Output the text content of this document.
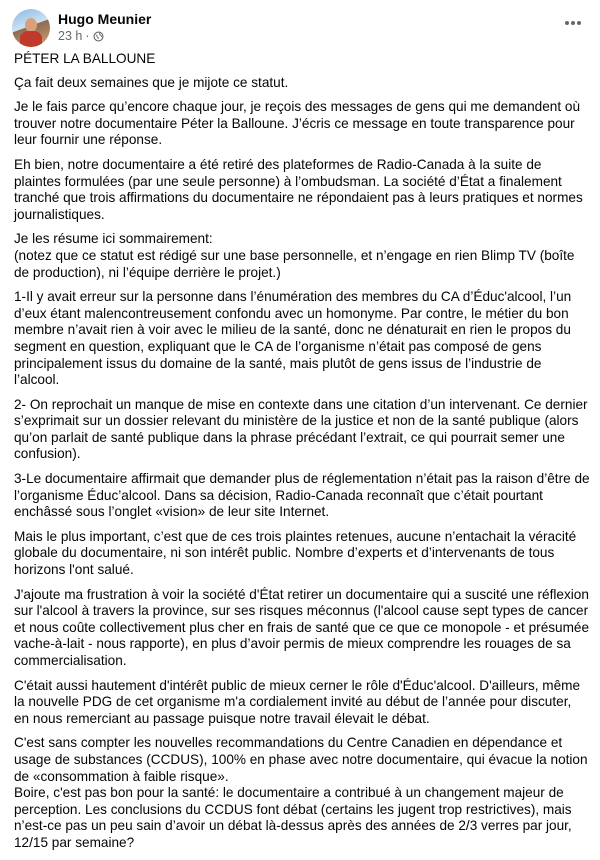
Hugo Meunier
23 h ·

PÉTER LA BALLOUNE

Ça fait deux semaines que je mijote ce statut.

Je le fais parce qu’encore chaque jour, je reçois des messages de gens qui me demandent où trouver notre documentaire Péter la Balloune. J’écris ce message en toute transparence pour leur fournir une réponse.

Eh bien, notre documentaire a été retiré des plateformes de Radio-Canada à la suite de plaintes formulées (par une seule personne) à l’ombudsman. La société d’État a finalement tranché que trois affirmations du documentaire ne répondaient pas à leurs pratiques et normes journalistiques.

Je les résume ici sommairement:
(notez que ce statut est rédigé sur une base personnelle, et n’engage en rien Blimp TV (boîte de production), ni l’équipe derrière le projet.)

1-Il y avait erreur sur la personne dans l’énumération des membres du CA d’Éduc'alcool, l’un d’eux étant malencontreusement confondu avec un homonyme. Par contre, le métier du bon membre n’avait rien à voir avec le milieu de la santé, donc ne dénaturait en rien le propos du segment en question, expliquant que le CA de l’organisme n’était pas composé de gens principalement issus du domaine de la santé, mais plutôt de gens issus de l’industrie de l’alcool.

2- On reprochait un manque de mise en contexte dans une citation d’un intervenant. Ce dernier s’exprimait sur un dossier relevant du ministère de la justice et non de la santé publique (alors qu’on parlait de santé publique dans la phrase précédant l’extrait, ce qui pourrait semer une confusion).

3-Le documentaire affirmait que demander plus de réglementation n’était pas la raison d’être de l’organisme Éduc’alcool. Dans sa décision, Radio-Canada reconnaît que c’était pourtant enchâssé sous l’onglet «vision» de leur site Internet.

Mais le plus important, c’est que de ces trois plaintes retenues, aucune n’entachait la véracité globale du documentaire, ni son intérêt public. Nombre d’experts et d’intervenants de tous horizons l'ont salué.

J'ajoute ma frustration à voir la société d'État retirer un documentaire qui a suscité une réflexion sur l'alcool à travers la province, sur ses risques méconnus (l'alcool cause sept types de cancer et nous coûte collectivement plus cher en frais de santé que ce que ce monopole - et présumée vache-à-lait - nous rapporte), en plus d’avoir permis de mieux comprendre les rouages de sa commercialisation.

C'était aussi hautement d'intérêt public de mieux cerner le rôle d'Éduc'alcool. D'ailleurs, même la nouvelle PDG de cet organisme m'a cordialement invité au début de l’année pour discuter, en nous remerciant au passage puisque notre travail élevait le débat.

C'est sans compter les nouvelles recommandations du Centre Canadien en dépendance et usage de substances (CCDUS), 100% en phase avec notre documentaire, qui évacue la notion de «consommation à faible risque».
Boire, c'est pas bon pour la santé: le documentaire a contribué à un changement majeur de perception. Les conclusions du CCDUS font débat (certains les jugent trop restrictives), mais n’est-ce pas un peu sain d’avoir un débat là-dessus après des années de 2/3 verres par jour, 12/15 par semaine?
